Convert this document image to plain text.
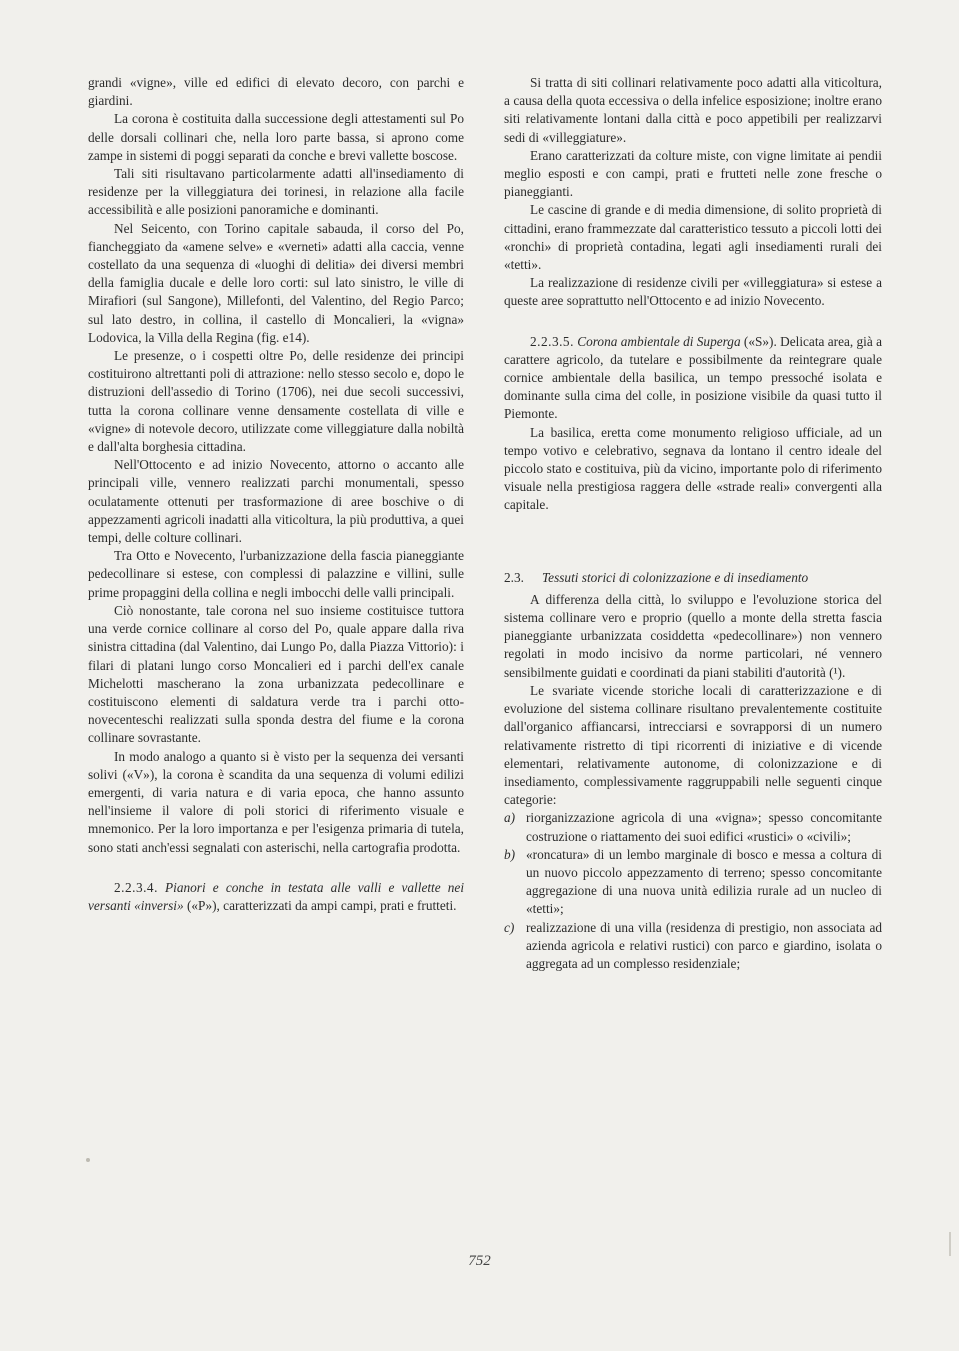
grandi «vigne», ville ed edifici di elevato decoro, con parchi e giardini.

La corona è costituita dalla successione degli attestamenti sul Po delle dorsali collinari che, nella loro parte bassa, si aprono come zampe in sistemi di poggi separati da conche e brevi vallette boscose.

Tali siti risultavano particolarmente adatti all'insediamento di residenze per la villeggiatura dei torinesi, in relazione alla facile accessibilità e alle posizioni panoramiche e dominanti.

Nel Seicento, con Torino capitale sabauda, il corso del Po, fiancheggiato da «amene selve» e «verneti» adatti alla caccia, venne costellato da una sequenza di «luoghi di delitia» dei diversi membri della famiglia ducale e delle loro corti: sul lato sinistro, le ville di Mirafiori (sul Sangone), Millefonti, del Valentino, del Regio Parco; sul lato destro, in collina, il castello di Moncalieri, la «vigna» Lodovica, la Villa della Regina (fig. e14).

Le presenze, o i cospetti oltre Po, delle residenze dei principi costituirono altrettanti poli di attrazione: nello stesso secolo e, dopo le distruzioni dell'assedio di Torino (1706), nei due secoli successivi, tutta la corona collinare venne densamente costellata di ville e «vigne» di notevole decoro, utilizzate come villeggiature dalla nobiltà e dall'alta borghesia cittadina.

Nell'Ottocento e ad inizio Novecento, attorno o accanto alle principali ville, vennero realizzati parchi monumentali, spesso oculatamente ottenuti per trasformazione di aree boschive o di appezzamenti agricoli inadatti alla viticoltura, la più produttiva, a quei tempi, delle colture collinari.

Tra Otto e Novecento, l'urbanizzazione della fascia pianeggiante pedecollinare si estese, con complessi di palazzine e villini, sulle prime propaggini della collina e negli imbocchi delle valli principali.

Ciò nonostante, tale corona nel suo insieme costituisce tuttora una verde cornice collinare al corso del Po, quale appare dalla riva sinistra cittadina (dal Valentino, dai Lungo Po, dalla Piazza Vittorio): i filari di platani lungo corso Moncalieri ed i parchi dell'ex canale Michelotti mascherano la zona urbanizzata pedecollinare e costituiscono elementi di saldatura verde tra i parchi otto-novecenteschi realizzati sulla sponda destra del fiume e la corona collinare sovrastante.

In modo analogo a quanto si è visto per la sequenza dei versanti solivi («V»), la corona è scandita da una sequenza di volumi edilizi emergenti, di varia natura e di varia epoca, che hanno assunto nell'insieme il valore di poli storici di riferimento visuale e mnemonico. Per la loro importanza e per l'esigenza primaria di tutela, sono stati anch'essi segnalati con asterischi, nella cartografia prodotta.

2.2.3.4. Pianori e conche in testata alle valli e vallette nei versanti «inversi» («P»), caratterizzati da ampi campi, prati e frutteti.

Si tratta di siti collinari relativamente poco adatti alla viticoltura, a causa della quota eccessiva o della infelice esposizione; inoltre erano siti relativamente lontani dalla città e poco appetibili per realizzarvi sedi di «villeggiature».

Erano caratterizzati da colture miste, con vigne limitate ai pendii meglio esposti e con campi, prati e frutteti nelle zone fresche o pianeggianti.

Le cascine di grande e di media dimensione, di solito proprietà di cittadini, erano frammezzate dal caratteristico tessuto a piccoli lotti dei «ronchi» di proprietà contadina, legati agli insediamenti rurali dei «tetti».

La realizzazione di residenze civili per «villeggiatura» si estese a queste aree soprattutto nell'Ottocento e ad inizio Novecento.

2.2.3.5. Corona ambientale di Superga («S»). Delicata area, già a carattere agricolo, da tutelare e possibilmente da reintegrare quale cornice ambientale della basilica, un tempo pressoché isolata e dominante sulla cima del colle, in posizione visibile da quasi tutto il Piemonte.

La basilica, eretta come monumento religioso ufficiale, ad un tempo votivo e celebrativo, segnava da lontano il centro ideale del piccolo stato e costituiva, più da vicino, importante polo di riferimento visuale nella prestigiosa raggera delle «strade reali» convergenti alla capitale.

2.3.	Tessuti storici di colonizzazione e di insediamento

A differenza della città, lo sviluppo e l'evoluzione storica del sistema collinare vero e proprio (quello a monte della stretta fascia pianeggiante urbanizzata cosiddetta «pedecollinare») non vennero regolati in modo incisivo da norme particolari, né vennero sensibilmente guidati e coordinati da piani stabiliti d'autorità (¹).

Le svariate vicende storiche locali di caratterizzazione e di evoluzione del sistema collinare risultano prevalentemente costituite dall'organico affiancarsi, intrecciarsi e sovrapporsi di un numero relativamente ristretto di tipi ricorrenti di iniziative e di vicende elementari, relativamente autonome, di colonizzazione e di insediamento, complessivamente raggruppabili nelle seguenti cinque categorie:

a) riorganizzazione agricola di una «vigna»; spesso concomitante costruzione o riattamento dei suoi edifici «rustici» o «civili»;
b) «roncatura» di un lembo marginale di bosco e messa a coltura di un nuovo piccolo appezzamento di terreno; spesso concomitante aggregazione di una nuova unità edilizia rurale ad un nucleo di «tetti»;
c) realizzazione di una villa (residenza di prestigio, non associata ad azienda agricola e relativi rustici) con parco e giardino, isolata o aggregata ad un complesso residenziale;
752
